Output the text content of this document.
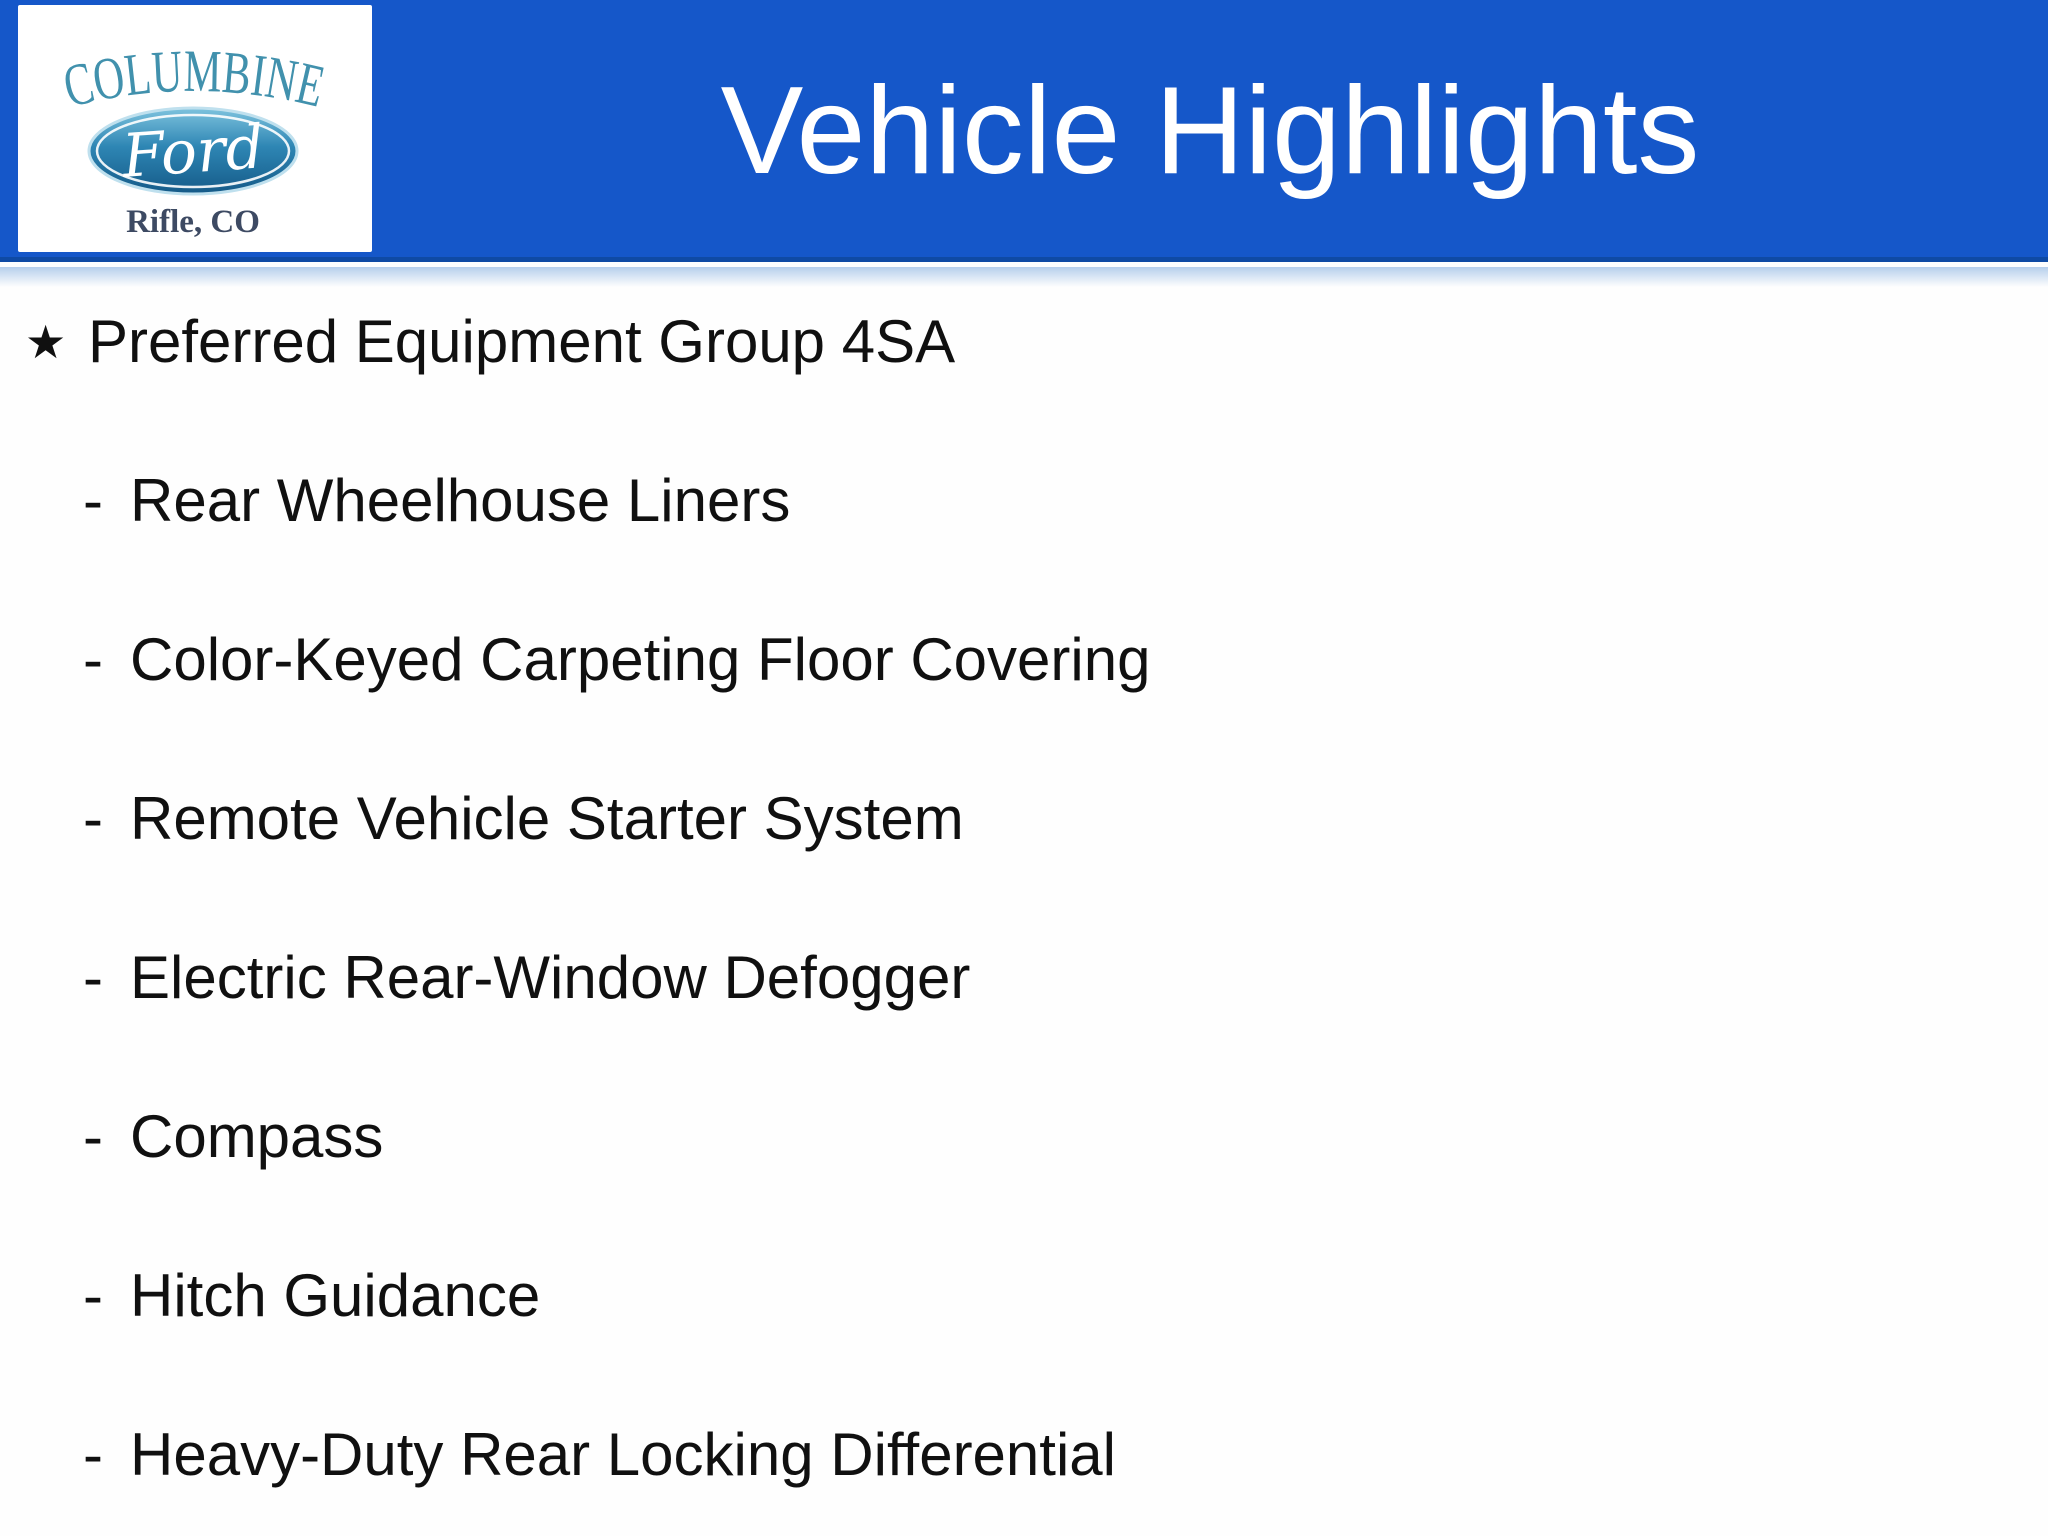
COLUMBINE
Ford
Rifle, CO
Vehicle Highlights
★ Preferred Equipment Group 4SA
- Rear Wheelhouse Liners
- Color-Keyed Carpeting Floor Covering
- Remote Vehicle Starter System
- Electric Rear-Window Defogger
- Compass
- Hitch Guidance
- Heavy-Duty Rear Locking Differential
